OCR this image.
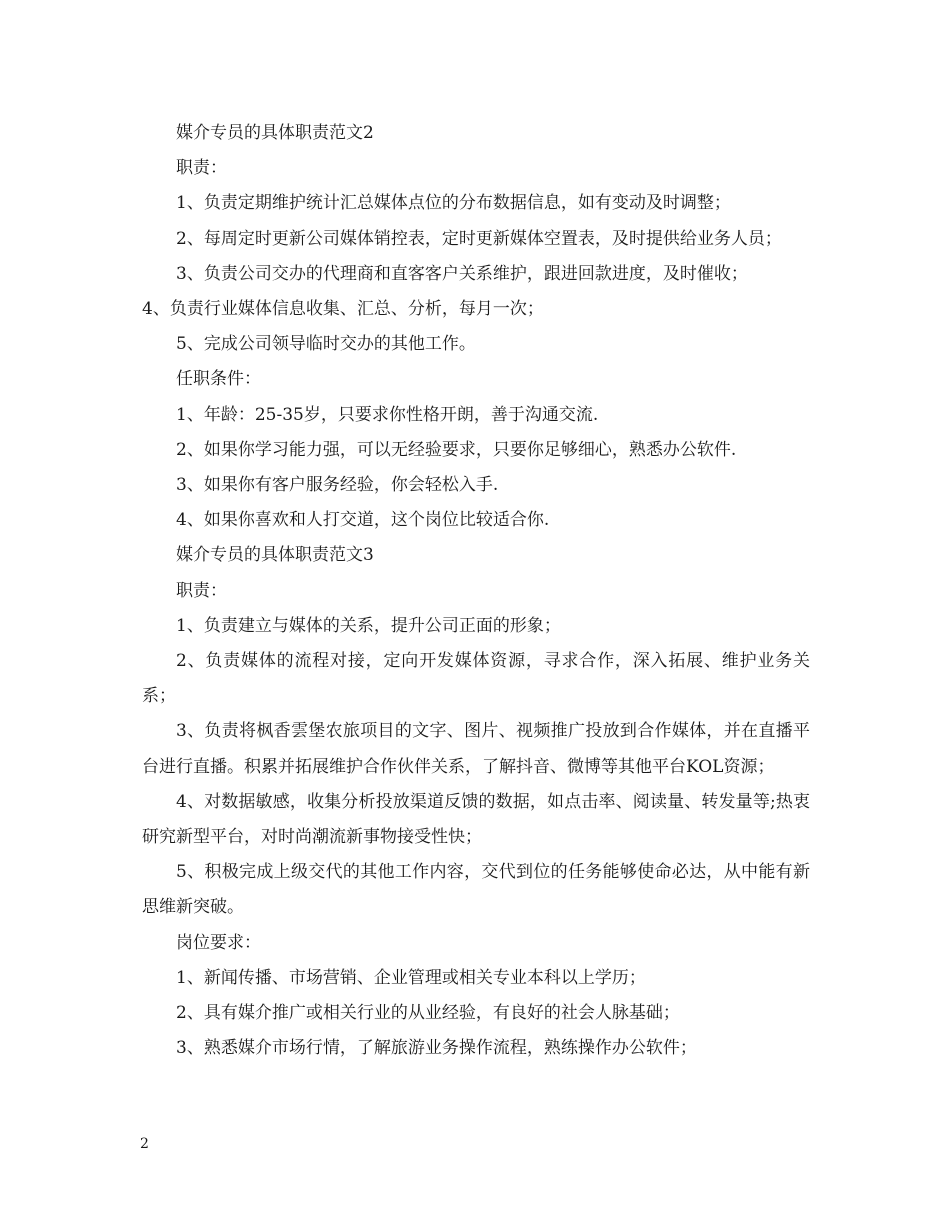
媒介专员的具体职责范文2

职责：

1、负责定期维护统计汇总媒体点位的分布数据信息，如有变动及时调整；

2、每周定时更新公司媒体销控表，定时更新媒体空置表，及时提供给业务人员；

3、负责公司交办的代理商和直客客户关系维护，跟进回款进度，及时催收；

4、负责行业媒体信息收集、汇总、分析，每月一次；

5、完成公司领导临时交办的其他工作。

任职条件：

1、年龄：25-35岁，只要求你性格开朗，善于沟通交流.

2、如果你学习能力强，可以无经验要求，只要你足够细心，熟悉办公软件.

3、如果你有客户服务经验，你会轻松入手.

4、如果你喜欢和人打交道，这个岗位比较适合你.

媒介专员的具体职责范文3

职责：

1、负责建立与媒体的关系，提升公司正面的形象；

2、负责媒体的流程对接，定向开发媒体资源，寻求合作，深入拓展、维护业务关系；

3、负责将枫香雲堡农旅项目的文字、图片、视频推广投放到合作媒体，并在直播平台进行直播。积累并拓展维护合作伙伴关系，了解抖音、微博等其他平台KOL资源；

4、对数据敏感，收集分析投放渠道反馈的数据，如点击率、阅读量、转发量等;热衷研究新型平台，对时尚潮流新事物接受性快；

5、积极完成上级交代的其他工作内容，交代到位的任务能够使命必达，从中能有新思维新突破。

岗位要求：

1、新闻传播、市场营销、企业管理或相关专业本科以上学历；

2、具有媒介推广或相关行业的从业经验，有良好的社会人脉基础；

3、熟悉媒介市场行情，了解旅游业务操作流程，熟练操作办公软件；

2
